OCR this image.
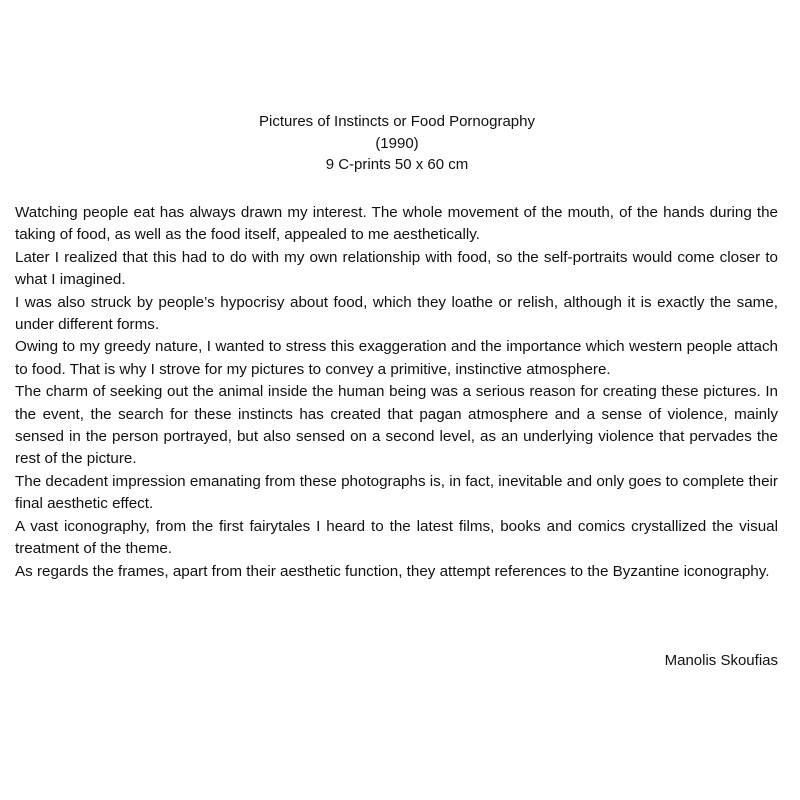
Pictures of Instincts or Food Pornography
(1990)
9 C-prints 50 x 60 cm

Watching people eat has always drawn my interest. The whole movement of the mouth, of the hands during the taking of food, as well as the food itself, appealed to me aesthetically.

Later I realized that this had to do with my own relationship with food, so the self-portraits would come closer to what I imagined.

I was also struck by people’s hypocrisy about food, which they loathe or relish, although it is exactly the same, under different forms.

Owing to my greedy nature, I wanted to stress this exaggeration and the importance which western people attach to food. That is why I strove for my pictures to convey a primitive, instinctive atmosphere.

The charm of seeking out the animal inside the human being was a serious reason for creating these pictures. In the event, the search for these instincts has created that pagan atmosphere and a sense of violence, mainly sensed in the person portrayed, but also sensed on a second level, as an underlying violence that pervades the rest of the picture.

The decadent impression emanating from these photographs is, in fact, inevitable and only goes to complete their final aesthetic effect.

A vast iconography, from the first fairytales I heard to the latest films, books and comics crystallized the visual treatment of the theme.

As regards the frames, apart from their aesthetic function, they attempt references to the Byzantine iconography.

Manolis Skoufias
